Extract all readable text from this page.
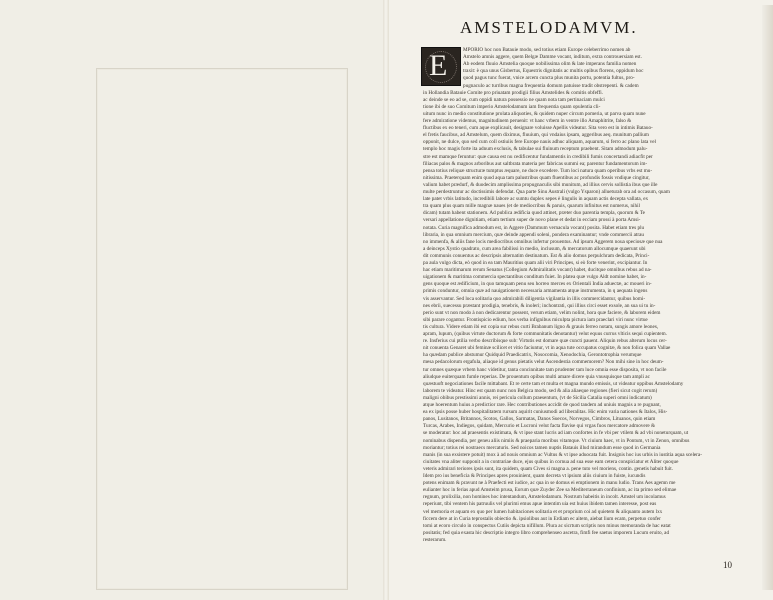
AMSTELODAMVM.
E	MPORIO hoc non Batauie modo, sed totius etiam Europe celeberrimo nomen ab
Amstelo amnis aggere, quem Belgæ Damme vocant, inditum, extra controuersiam est.
Ab eodem fluuio Amstelia quoque nobilissima olim & late imperans familia nomen
traxit: è qua unus Gisbertus, Equestris dignitatis ac multis opibus florens, oppidum hoc
quod pagus tunc fuerat, vnice arcem cuncta plus munita portu, potentia fultus, pro-
pugnaculo ac turribus magna frequentia domum patuisse tradit obstrepenti. & cadem
in Hollandia Batauie Comite pro priuatam prodigii filius Amstelides & comitis obfeffi.
ac deinde se eo ad se, cum oppidi natura possessio ne quam nota tam pertinaciam mulci
tione ibi de suo Comitum imperio Amstelodamum iam frequentia quam opulentia cli-
uitum nunc in medio constitutione prolata aliquoties, & quidem nuper circum pomeria, ut parva quam nune
fere admiratione videmus, magnitudinem peruenit: vt hanc vrbem in ventre illo Amaphitrite, falso &
fluctibus ex eo teneri, cum aque explicauit, designare voluisse Apellis videatur. Sita vero est in intimis Batauo-
el fretis faucibus, ad Amstelum, quem diximus, fluuium, qui vndaius ipsam, aggeribus aeq. munitum pallium
opponit, ne dulce, quo sed cum coll ostiuiis fere Europe nauis adhuc aliquam, aquarum, si ferro ac plano lata vel
templo hoc magis forte ita adnum exclusis, & tabulae sui fluinum receptum praebent. Sitam admodum palu-
stre est mamque feruntur: quæ causa est nu cedificentur fundamentis in credibili fumis concertandi adiacfit per
filiacas palos & magnos arboribus aut saltbrata materia per fabricas summi ea; parentur fundamentorum im-
pensa totius reliquæ structuræ tumptus æquare, ne duce excedere. Tum loci natura quam operibus vrbs est mu-
nitissima. Praeterquam enim quod aqua tam palustribus quam fluentibus ac profundis fossis vndique cingitur,
valium habet prædurf, & duodecim amplissima propugnaculis sibi munitum, ad illius cervis sollistia ibus que ille
multe perdestruntur ac doctissimis defendat. Qua parte Sinu Australi (vulgo Ysparon) allueturab ora ad occasum, quam
late patet vrbis latitudo, incredibili labore ac sumtu duplex sepes è lingulis in aquam actis decepta vallata, ex
tra quam plus quam mille magnæ naues (et de mediocribus & paruis, quarum infinitus est numerus, nihil
dicam) tutam habent stationem. Ad publica ædificia quod attinet, præter duo parentia templa, quorum & Te
versari appellatione dignitiam, etiam tertium super de novo plane et dedat in ecciam prossi à porta Amsi-
notata. Curia magnifica admodum est, in Aggere (Dammum vernacula vocant) posita. Habet etiam tres plu
libraria, in qua omnium mercium, quæ deinde appendi soleni, pondera examinantur; vnde commercii atrau
no immenfa, & aliis fane locis mediocribus omnibus infertur prouentus. Ad ipsum Aggerem noua speciosæ que nua
a deinceps Xystio quadrato, cum area fabilissi in medio, inclusum, & mercatorum allocumque quaerunt ubi
dit communis conuentus ac descripsis alternatim destinatum. Est & alio domus perpulchram dedicata, Princi-
pa aula vulgo dicta, eò quod in ea tam Mauritius quam alii viri Principes, si eò forte venerint, excipiantur. In
hac etiam maritimarum rerum Senatus (Collegium Admiralitatis vocant) habet, ducitque omnibus rebus ad na-
uigationem & maritima commercia spectantibus conditum fuiet. In platea quæ vulgo Aldt nomine habet, in-
gens quoque est ædificium, in quo tamquam penu seu horreo merces ex Orientali India aduectæ, ac moueri in-
primis conduntur, omnia quæ ad nauigationem necessaria armamenta atque instrumenta, in q aequata ingens
vis asservantur. Sed loca solitaria quo admirabili diligentia vigilantia in illis commercidantur, quibus homi-
nes ebrii, suecessu præstant prodigia, tenebris, & inoleri; inchontrati, qui illius circi esset exsole, an sua ui tu in-
perio sunt vt non modo à non dedicarentur possent, verum etiam, velim nolint, hora quæ faciere, & laborem eidem
sibi parare cogantur. Frontispicio edium, hos verba infignibus miculpta pictura iam praeclari viri nunc virtue
tis cultura. Videre etiam ibi est copia sur rebus curti Brabanum ligno & grauis ferreo notam, sungis amore leones,
apram, lupum, (quibus virtute ductorum & forte communitatis denotantur) velut equus currus vlticis sequi cupientem.
re. Insferius cui ptilia verbo describisque sub: Virtutis est domare quæ cuncti pauent. Aliquin rebus alterum locus cer-
nit conuenta Genaret ubi feminæ scilicet et vitio faciuntur, vt in aqua tute occupatus cognitæ, & non folica quam Vallae
ha quædam publice abstumur Quidquid Praedicatrix, Nosocomia, Xenodochia, Gerontotrophia verumque
mesa pedacolorum ergafula, aliaque id genus pietatis velut Ascendestia commemorem? Non mihi sine in hoc deum-
tur omnes quæque vrbem hanc videtitur, tanta concinnitate tam prudenter tam luce omnia esse disposita, vt non facile
aliudque euiterquam fumle reperias. De prouentum opibus multi amare dicere quia vnusquisque tam ampli ac
quæstuoft negociationes facile mittabant. Et re certe tam et multa et magna mundo emissis, ut videatur oppibus Amstelodamy
laborem te videatur. Hinc est quam nunc non Belgica modo, sed & alia aliaeque regiones (fieri sicut cogit rerum)
maligni obibus prestissimi annis, rei pericula collum praesentum, (vt de Sicilia Catalia superi omni indicatum)
atque hoerentum huius a predictior rare. Hec contributiones accidit de quod tandem ad uniuis magnis a re pugnant,
ea ex ipsis posse huber hospitalitatem rursum aquirit cuniusmodi ad liberalitas. Hic enim varia nationes & Italos, His-
panos, Lusitanos, Britannos, Scotos, Gallos, Sarmatas, Danos Suecos, Norvegos, Cimbros, Lituanos, quin etiam
Turcas, Arabes, Indiegos, quidam, Mercurio et Lucroni velut facta flavise qui vrgas fuos mercatore admovere &
se moderatur: hoc ad praesentis existimata, & vt ipse stant lucris ad iam confortes in fe vbi per vtilem & ad vbi noneturquam, ut
nominabus dispendia, per geneu aliis nimiis & praeparia moribus vitamque. Vt ciuium haec, vt in Pontum, vt in Zenon, omnibus
moriantur; totius rei nostraecs mercaturis. Sed noicos tamen nuptis Batauis illud mirandum esse quod in Germania
manis (in sua exsistere potuit) mox à ad nouis omnium ac Vultus & vt ipse aduocata fuit. Insignis hoc ius urbis in iustitia aqua scelera-
ciuitates vna aliter supponit a in contrariae duce, ejus quibus in cornua ad sua esse eam cetera conspiciatur et Aliter quoque
veteris admirari teriores ipsis sunt, ita quidem, quam Cives si magna a. pene tuto vel moriens, contin. genetis habuit fuit.
Idem pro ius beneficia & Principes apres prouinient, quam decreta vt ipsium aliis ciuium in fuiste, iucundis
potens enimam & pravunt ne à Praefecti est iudice, ac qua in se domus ei emptionem in manu ludio. Trans Aes agemn me
eulianter hoc in ferias apud Amsteim prusa, Eorum quæ Zuyder Zee sa Mediterraneum confinium, ac ita primo sed elimae
regnum, prolixilia, non homines hoc intentandum, Amstelodamum. Nostrum habeitis in incolt. Amstel um incolamus
reperiunt, tibi ventem his patruulis vel plurimi emus apue intentim uia est huius ibidem tamen interesse, post eas
vel memoria et aquam ex quo per lumen habitaciones solitaria et et proprium coi ad quietem & aliquanto autem lxx
ficcem dere at in Curia teprostalis obiectio &. ipsiolibus aut in Erdiam ec aitem, aiebat lium ecam, perpetuo confer
tomi at ecoro circulo in conspectus Cutiis depicta nifillum. Plura ac sicrtum scriptis non minus memoranda de hac eatat
positatis; fed quia exasta hic descriptio integro libro comprehenseo ascetra, fimfi fee saetus imporem Lucum eruito, ad
resterarum.
10
